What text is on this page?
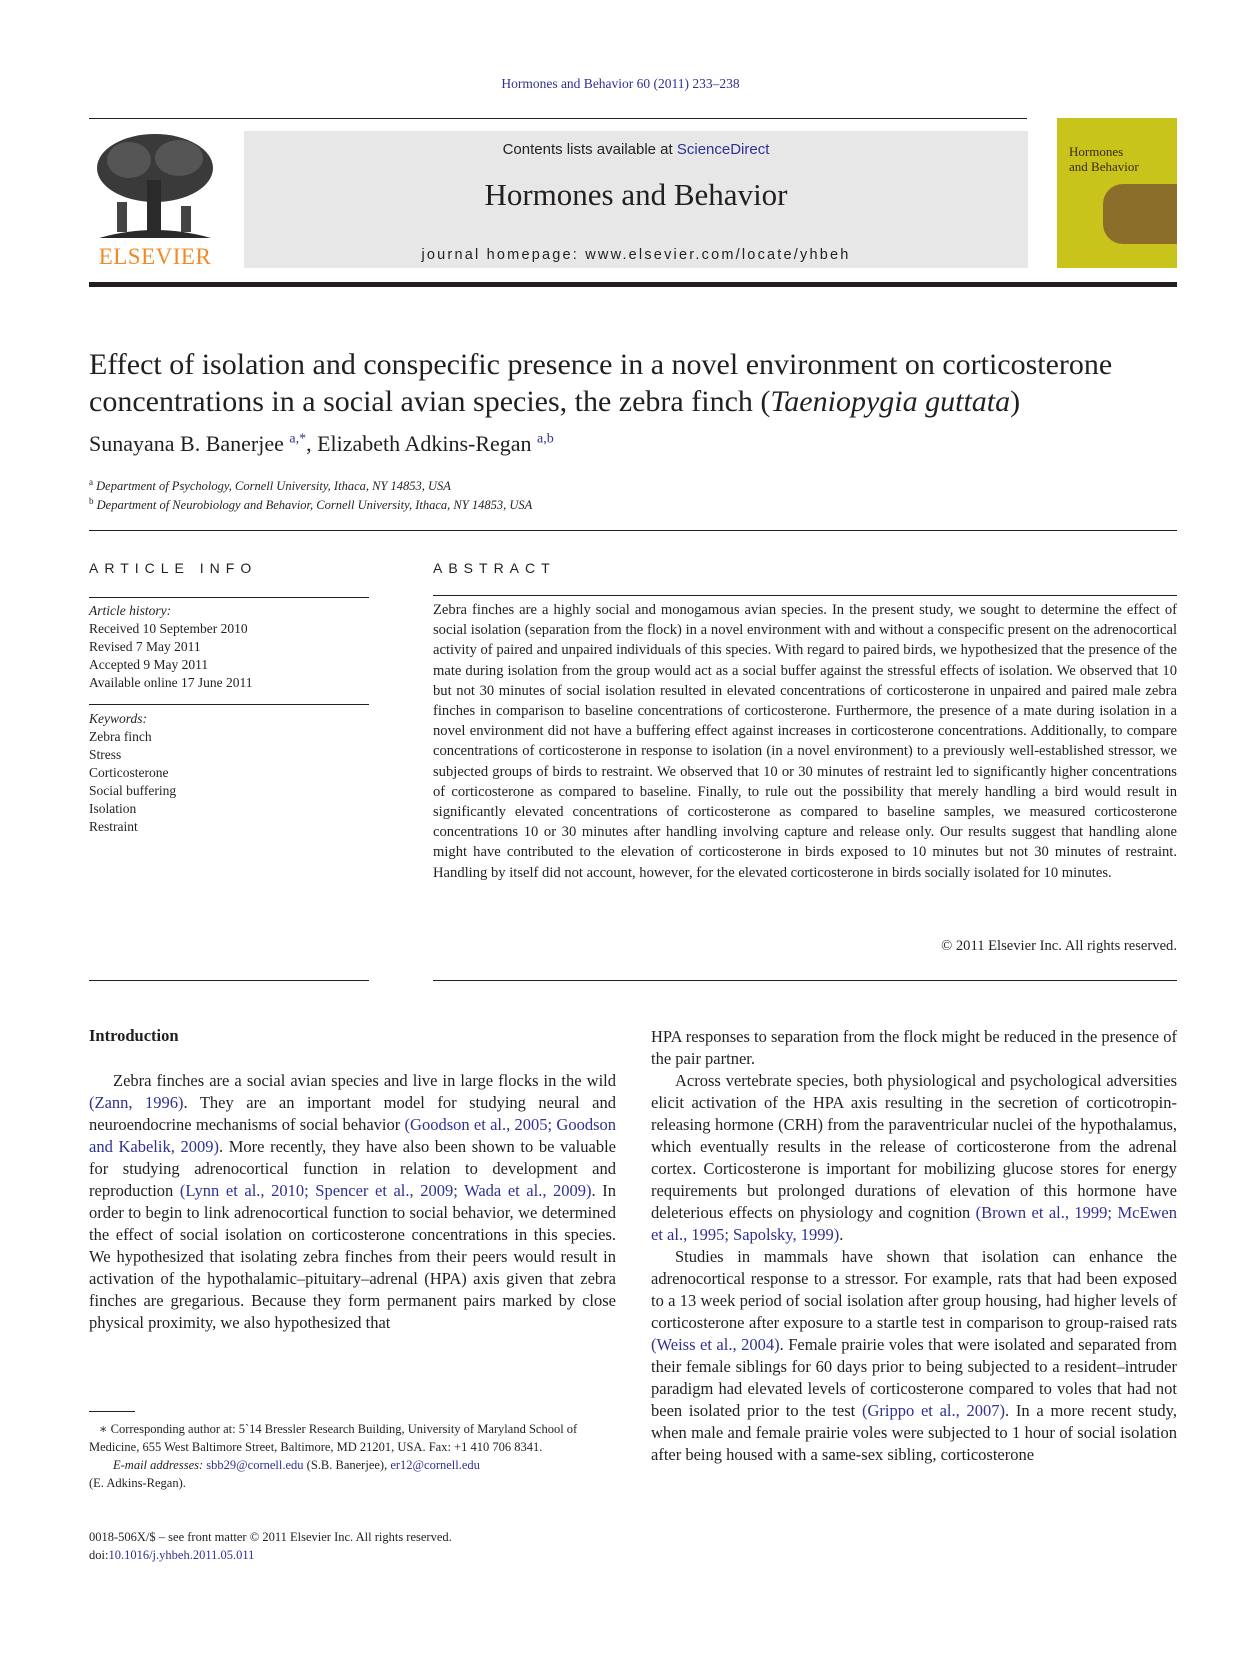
Hormones and Behavior 60 (2011) 233–238
ELSEVIER
Contents lists available at ScienceDirect
Hormones and Behavior
journal homepage: www.elsevier.com/locate/yhbeh
Hormones
and Behavior
Effect of isolation and conspecific presence in a novel environment on corticosterone
concentrations in a social avian species, the zebra finch (Taeniopygia guttata)
Sunayana B. Banerjee $^{a,*}$, Elizabeth Adkins-Regan $^{a,b}$
$^a$ Department of Psychology, Cornell University, Ithaca, NY 14853, USA
$^b$ Department of Neurobiology and Behavior, Cornell University, Ithaca, NY 14853, USA
ARTICLE INFO
Article history:
Received 10 September 2010
Revised 7 May 2011
Accepted 9 May 2011
Available online 17 June 2011
Keywords:
Zebra finch
Stress
Corticosterone
Social buffering
Isolation
Restraint
ABSTRACT
Zebra finches are a highly social and monogamous avian species. In the present study, we sought to determine the effect of social isolation (separation from the flock) in a novel environment with and without a conspecific present on the adrenocortical activity of paired and unpaired individuals of this species. With regard to paired birds, we hypothesized that the presence of the mate during isolation from the group would act as a social buffer against the stressful effects of isolation. We observed that 10 but not 30 minutes of social isolation resulted in elevated concentrations of corticosterone in unpaired and paired male zebra finches in comparison to baseline concentrations of corticosterone. Furthermore, the presence of a mate during isolation in a novel environment did not have a buffering effect against increases in corticosterone concentrations. Additionally, to compare concentrations of corticosterone in response to isolation (in a novel environment) to a previously well-established stressor, we subjected groups of birds to restraint. We observed that 10 or 30 minutes of restraint led to significantly higher concentrations of corticosterone as compared to baseline. Finally, to rule out the possibility that merely handling a bird would result in significantly elevated concentrations of corticosterone as compared to baseline samples, we measured corticosterone concentrations 10 or 30 minutes after handling involving capture and release only. Our results suggest that handling alone might have contributed to the elevation of corticosterone in birds exposed to 10 minutes but not 30 minutes of restraint. Handling by itself did not account, however, for the elevated corticosterone in birds socially isolated for 10 minutes.
© 2011 Elsevier Inc. All rights reserved.
Introduction

Zebra finches are a social avian species and live in large flocks in the wild (Zann, 1996). They are an important model for studying neural and neuroendocrine mechanisms of social behavior (Goodson et al., 2005; Goodson and Kabelik, 2009). More recently, they have also been shown to be valuable for studying adrenocortical function in relation to development and reproduction (Lynn et al., 2010; Spencer et al., 2009; Wada et al., 2009). In order to begin to link adrenocortical function to social behavior, we determined the effect of social isolation on corticosterone concentrations in this species. We hypothesized that isolating zebra finches from their peers would result in activation of the hypothalamic–pituitary–adrenal (HPA) axis given that zebra finches are gregarious. Because they form permanent pairs marked by close physical proximity, we also hypothesized that

HPA responses to separation from the flock might be reduced in the presence of the pair partner.

Across vertebrate species, both physiological and psychological adversities elicit activation of the HPA axis resulting in the secretion of corticotropin-releasing hormone (CRH) from the paraventricular nuclei of the hypothalamus, which eventually results in the release of corticosterone from the adrenal cortex. Corticosterone is important for mobilizing glucose stores for energy requirements but prolonged durations of elevation of this hormone have deleterious effects on physiology and cognition (Brown et al., 1999; McEwen et al., 1995; Sapolsky, 1999).

Studies in mammals have shown that isolation can enhance the adrenocortical response to a stressor. For example, rats that had been exposed to a 13 week period of social isolation after group housing, had higher levels of corticosterone after exposure to a startle test in comparison to group-raised rats (Weiss et al., 2004). Female prairie voles that were isolated and separated from their female siblings for 60 days prior to being subjected to a resident–intruder paradigm had elevated levels of corticosterone compared to voles that had not been isolated prior to the test (Grippo et al., 2007). In a more recent study, when male and female prairie voles were subjected to 1 hour of social isolation after being housed with a same-sex sibling, corticosterone

∗ Corresponding author at: 5`14 Bressler Research Building, University of Maryland School of Medicine, 655 West Baltimore Street, Baltimore, MD 21201, USA. Fax: +1 410 706 8341.
E-mail addresses: sbb29@cornell.edu (S.B. Banerjee), er12@cornell.edu
(E. Adkins-Regan).
0018-506X/$ – see front matter © 2011 Elsevier Inc. All rights reserved.
doi:10.1016/j.yhbeh.2011.05.011
